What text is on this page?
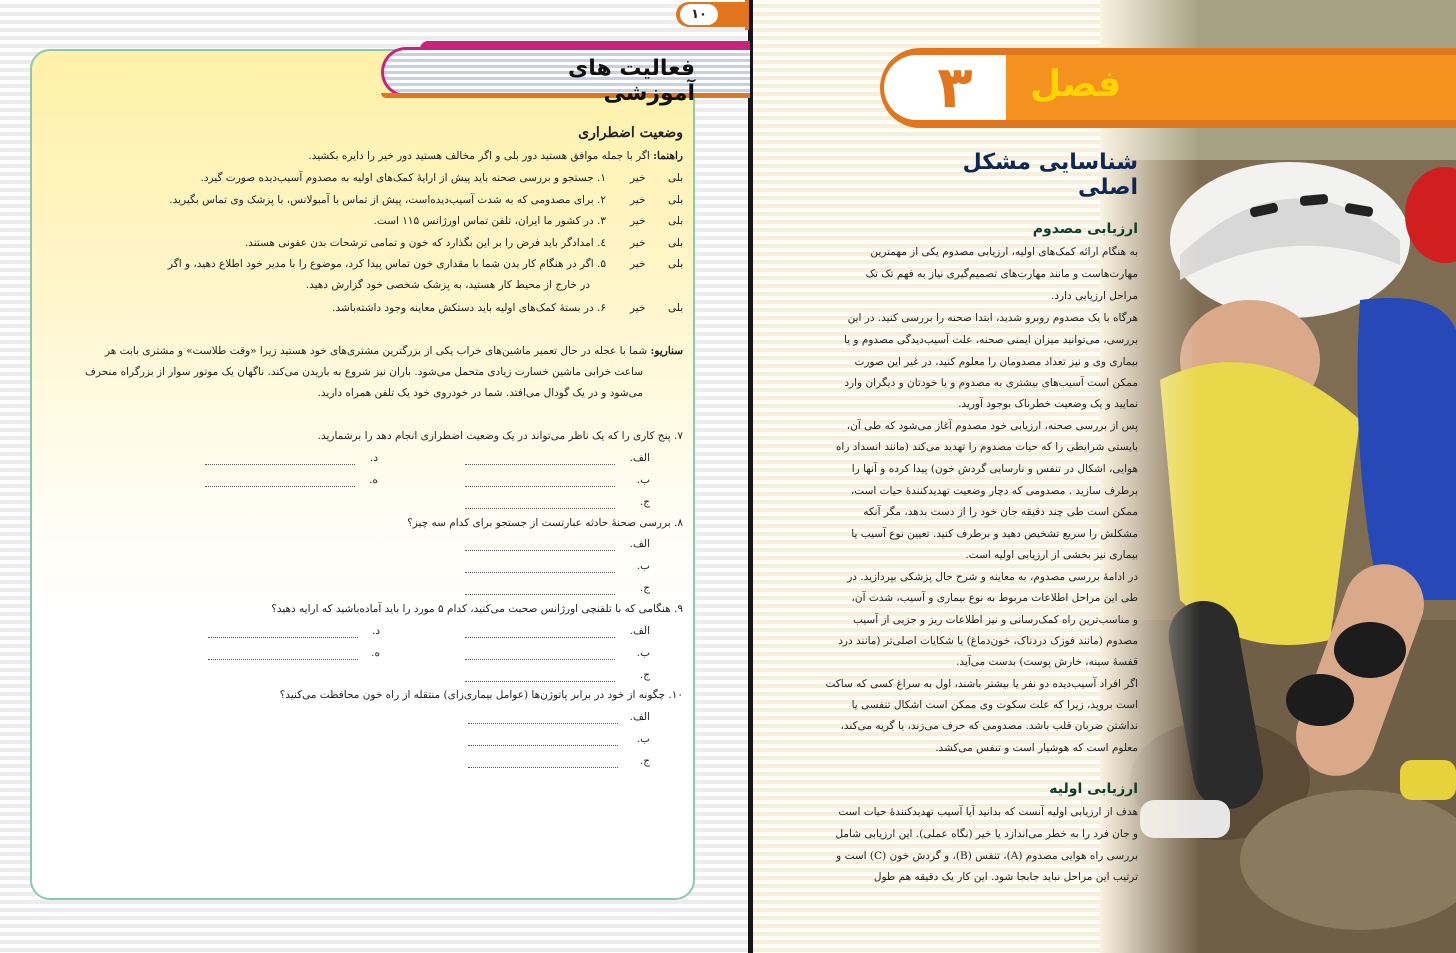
۱۰
فعالیت های آموزشی
وضعیت اضطراری
راهنما: اگر با جمله موافق هستید دور بلی و اگر مخالف هستید دور خیر را دایره بکشید.
بلی
خیر
۱. جستجو و بررسی صحنه باید پیش از ارایهٔ کمک‌های اولیه به مصدوم آسیب‌دیده صورت گیرد.
بلی
خیر
۲. برای مصدومی که به شدت آسیب‌دیده‌است، پیش از تماس با آمبولانس، با پزشک وی تماس بگیرید.
بلی
خیر
۳. در کشور ما ایران، تلفن تماس اورژانس ۱۱۵ است.
بلی
خیر
٤. امدادگر باید فرض را بر این بگذارد که خون و تمامی ترشحات بدن عفونی هستند.
بلی
خیر
۵. اگر در هنگام کار بدن شما با مقداری خون تماس پیدا کرد، موضوع را با مدیر خود اطلاع دهید، و اگر
در خارج از محیط کار هستید، به پزشک شخصی خود گزارش دهید.
بلی
خیر
۶. در بستهٔ کمک‌های اولیه باید دستکش معاینه وجود داشته‌باشد.
سناریو: شما با عجله در حال تعمیر ماشین‌های خراب یکی از بزرگترین مشتری‌های خود هستید زیرا «وقت طلاست» و مشتری بابت هر
ساعت خرابی ماشین خسارت زیادی متحمل می‌شود. باران نیز شروع به باریدن می‌کند. ناگهان یک موتور سوار از بزرگراه منحرف
می‌شود و در یک گودال می‌افتد. شما در خودروی خود یک تلفن همراه دارید.
۷. پنج کاری را که یک ناظر می‌تواند در یک وضعیت اضطراری انجام دهد را برشمارید.
الف.
د.
ب.
ه.
ج.
۸. بررسی صحنهٔ حادثه عبارتست از جستجو برای کدام سه چیز؟
الف.
ب.
ج.
۹. هنگامی که با تلفنچی اورژانس صحبت می‌کنید، کدام ۵ مورد را باید آماده‌باشید که ارایه دهید؟
الف.
د.
ب.
ه.
ج.
۱۰. چگونه از خود در برابر پاتوژن‌ها (عوامل بیماری‌زای) منتقله از راه خون محافظت می‌کنید؟
الف.
ب.
ج.
۳	فصل
شناسایی مشکل اصلی
ارزیابی مصدوم
به هنگام ارائه کمک‌های اولیه، ارزیابی مصدوم یکی از مهمترین
مهارت‌هاست و مانند مهارت‌های تصمیم‌گیری نیاز به فهم تک تک
مراحل ارزیابی دارد.
هرگاه با یک مصدوم روبرو شدید، ابتدا صحنه را بررسی کنید. در این
بررسی، می‌توانید میزان ایمنی صحنه، علت آسیب‌دیدگی مصدوم و یا
بیماری وی و نیز تعداد مصدومان را معلوم کنید، در غیر این صورت
ممکن است آسیب‌های بیشتری به مصدوم و یا خودتان و دیگران وارد
نمایید و یک وضعیت خطرناک بوجود آورید.
پس از بررسی صحنه، ارزیابی خود مصدوم آغاز می‌شود که طی آن،
بایستی شرایطی را که حیات مصدوم را تهدید می‌کند (مانند انسداد راه
هوایی، اشکال در تنفس و نارسایی گردش خون) پیدا کرده و آنها را
برطرف سازید . مصدومی که دچار وضعیت تهدیدکنندهٔ حیات است،
ممکن است طی چند دقیقه جان خود را از دست بدهد، مگر آنکه
مشکلش را سریع تشخیص دهید و برطرف کنید. تعیین نوع آسیب یا
بیماری نیز بخشی از ارزیابی اولیه است.
در ادامهٔ بررسی مصدوم، به معاینه و شرح حال پزشکی بپردازید. در
طی این مراحل اطلاعات مربوط به نوع بیماری و آسیب، شدت آن،
و مناسب‌ترین راه کمک‌رسانی و نیز اطلاعات ریز و جزیی از آسیب
مصدوم (مانند فوزک دردناک، خون‌دماغ) یا شکایات اصلی‌تر (مانند درد
قفسهٔ سینه، خارش پوست) بدست می‌آید.
اگر افراد آسیب‌دیده دو نفر یا بیشتر باشند، اول به سراغ کسی که ساکت
است بروید، زیرا که علت سکوت وی ممکن است اشکال تنفسی یا
نداشتن ضربان قلب باشد. مصدومی که حرف می‌زند، یا گریه می‌کند،
معلوم است که هوشیار است و تنفس می‌کشد.
ارزیابی اولیه
هدف از ارزیابی اولیه آنست که بدانید آیا آسیب تهدیدکنندهٔ حیات است
و جان فرد را به خطر می‌اندازد یا خیر (نگاه عملی). این ارزیابی شامل
بررسی راه هوایی مصدوم (A)، تنفس (B)، و گردش خون (C) است و
ترتیب این مراحل نباید جابجا شود. این کار یک دقیقه هم طول
